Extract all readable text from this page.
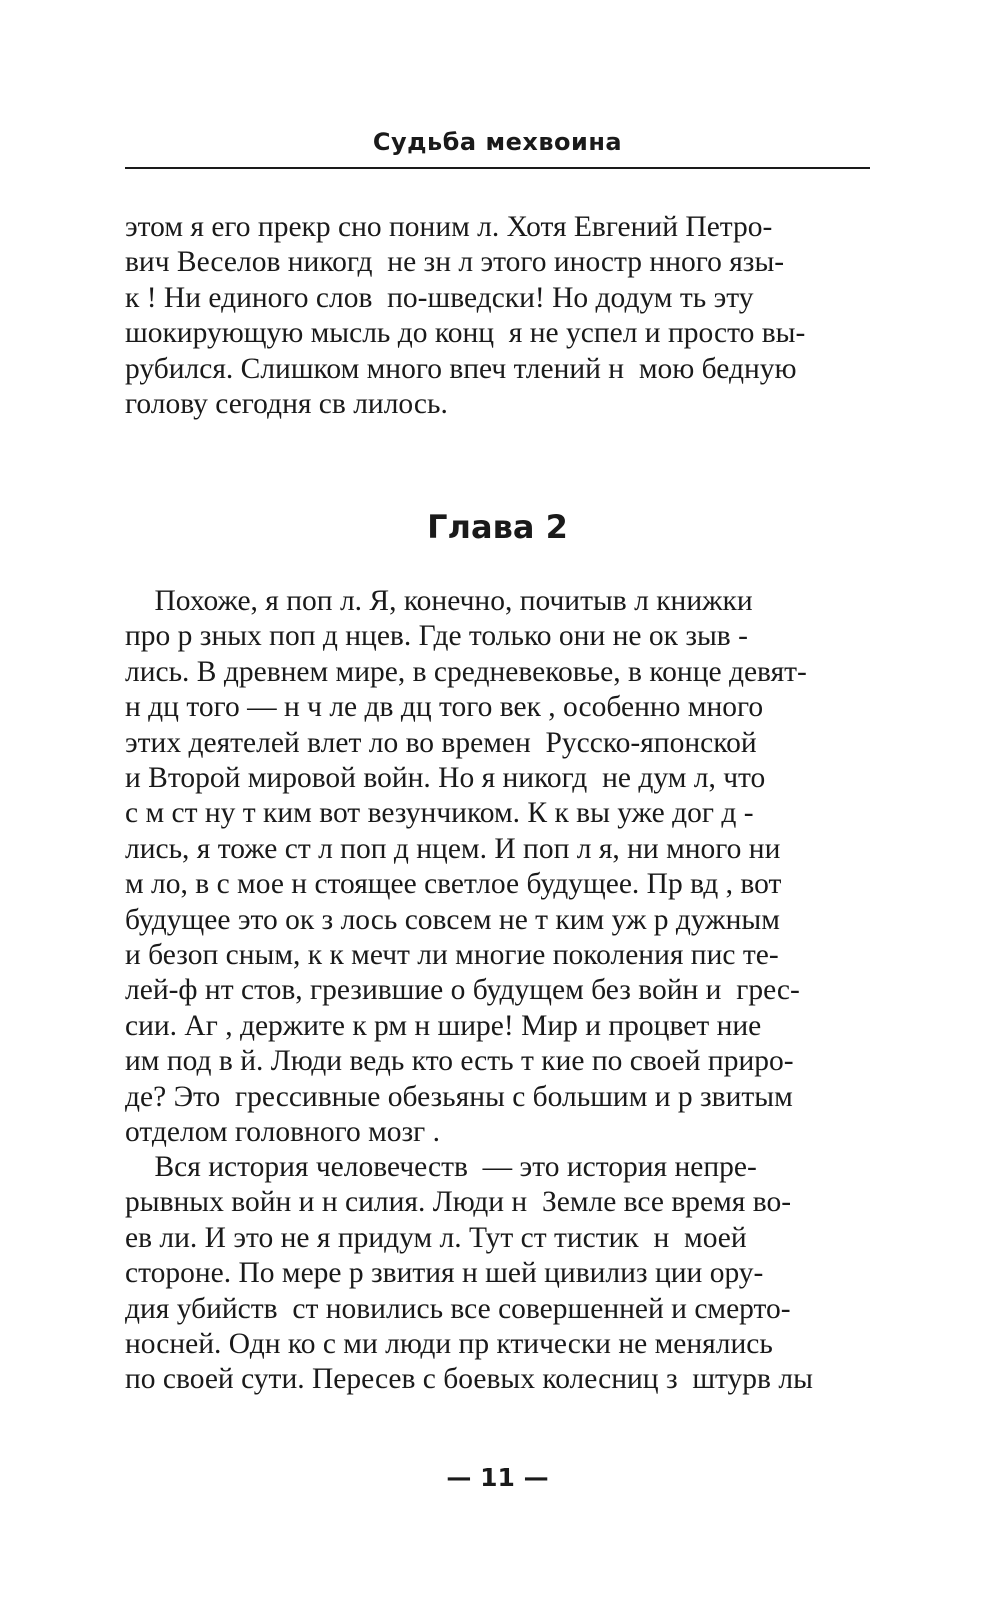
Судьба мехвоина

этом я его прекр сно поним л. Хотя Евгений Петро-
вич Веселов никогд  не зн л этого иностр нного язы-
к ! Ни единого слов  по-шведски! Но додум ть эту
шокирующую мысль до конц  я не успел и просто вы-
рубился. Слишком много впеч тлений н  мою бедную
голову сегодня св лилось.

Глава 2

Похоже, я поп л. Я, конечно, почитыв л книжки
про р зных поп д нцев. Где только они не ок зыв -
лись. В древнем мире, в средневековье, в конце девят-
н дц того — н ч ле дв дц того век , особенно много
этих деятелей влет ло во времен  Русско-японской
и Второй мировой войн. Но я никогд  не дум л, что
с м ст ну т ким вот везунчиком. К к вы уже дог д -
лись, я тоже ст л поп д нцем. И поп л я, ни много ни
м ло, в с мое н стоящее светлое будущее. Пр вд , вот
будущее это ок з лось совсем не т ким уж р дужным
и безоп сным, к к мечт ли многие поколения пис те-
лей-ф нт стов, грезившие о будущем без войн и  грес-
сии. Аг , держите к рм н шире! Мир и процвет ние
им под в й. Люди ведь кто есть т кие по своей приро-
де? Это  грессивные обезьяны с большим и р звитым
отделом головного мозг .

Вся история человечеств  — это история непре-
рывных войн и н силия. Люди н  Земле все время во-
ев ли. И это не я придум л. Тут ст тистик  н  моей
стороне. По мере р звития н шей цивилиз ции ору-
дия убийств  ст новились все совершенней и смерто-
носней. Одн ко с ми люди пр ктически не менялись
по своей сути. Пересев с боевых колесниц з  штурв лы

— 11 —
